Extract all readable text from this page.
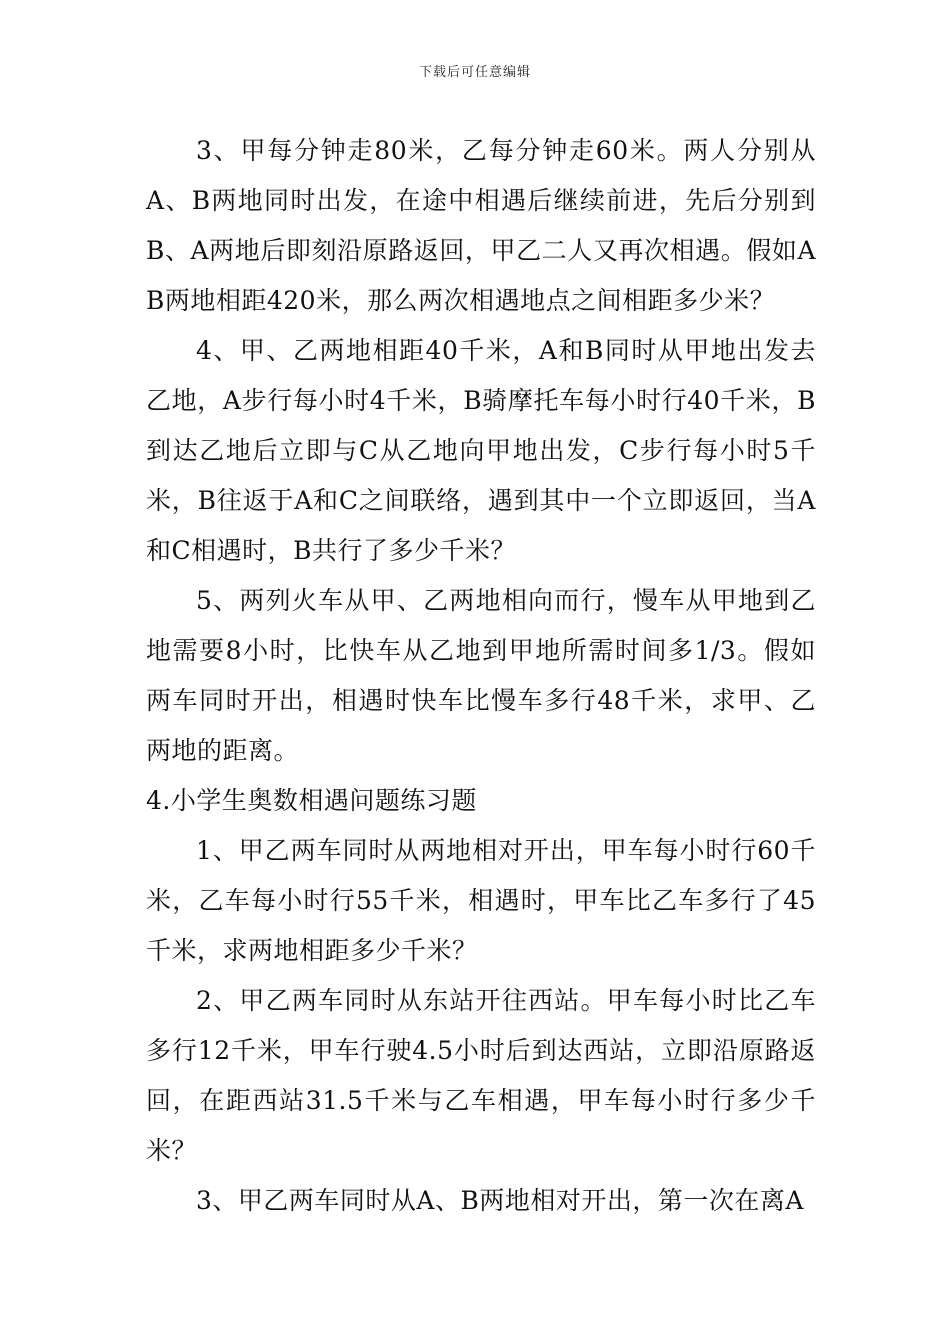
下载后可任意编辑

3、甲每分钟走80米，乙每分钟走60米。两人分别从A、B两地同时出发，在途中相遇后继续前进，先后分别到B、A两地后即刻沿原路返回，甲乙二人又再次相遇。假如AB两地相距420米，那么两次相遇地点之间相距多少米？

4、甲、乙两地相距40千米，A和B同时从甲地出发去乙地，A步行每小时4千米，B骑摩托车每小时行40千米，B到达乙地后立即与C从乙地向甲地出发，C步行每小时5千米，B往返于A和C之间联络，遇到其中一个立即返回，当A和C相遇时，B共行了多少千米？

5、两列火车从甲、乙两地相向而行，慢车从甲地到乙地需要8小时，比快车从乙地到甲地所需时间多1/3。假如两车同时开出，相遇时快车比慢车多行48千米，求甲、乙两地的距离。

4.小学生奥数相遇问题练习题

1、甲乙两车同时从两地相对开出，甲车每小时行60千米，乙车每小时行55千米，相遇时，甲车比乙车多行了45千米，求两地相距多少千米？

2、甲乙两车同时从东站开往西站。甲车每小时比乙车多行12千米，甲车行驶4.5小时后到达西站，立即沿原路返回，在距西站31.5千米与乙车相遇，甲车每小时行多少千米？

3、甲乙两车同时从A、B两地相对开出，第一次在离A
